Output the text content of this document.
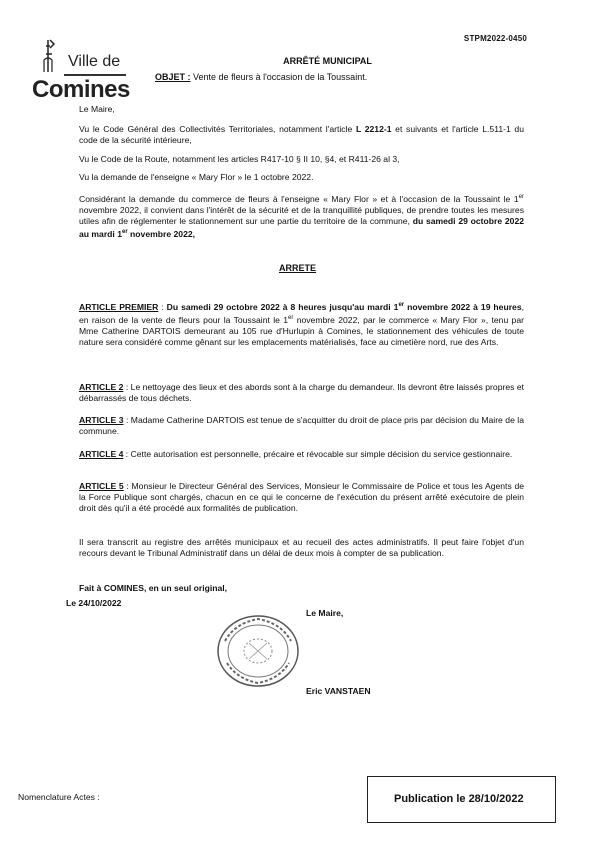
STPM2022-0450
Ville de
Comines
ARRÊTÉ MUNICIPAL
OBJET : Vente de fleurs à l'occasion de la Toussaint.
Le Maire,
Vu le Code Général des Collectivités Territoriales, notamment l'article L 2212-1 et suivants et l'article L.511-1 du code de la sécurité intérieure,
Vu le Code de la Route, notamment les articles R417-10 § II 10, §4, et R411-26 al 3,
Vu la demande de l'enseigne « Mary Flor » le 1 octobre 2022.
Considérant la demande du commerce de fleurs à l'enseigne « Mary Flor » et à l'occasion de la Toussaint le 1er novembre 2022, il convient dans l'intérêt de la sécurité et de la tranquillité publiques, de prendre toutes les mesures utiles afin de réglementer le stationnement sur une partie du territoire de la commune, du samedi 29 octobre 2022 au mardi 1er novembre 2022,
ARRETE
ARTICLE PREMIER : Du samedi 29 octobre 2022 à 8 heures jusqu'au mardi 1er novembre 2022 à 19 heures, en raison de la vente de fleurs pour la Toussaint le 1er novembre 2022, par le commerce « Mary Flor », tenu par Mme Catherine DARTOIS demeurant au 105 rue d'Hurlupin à Comines, le stationnement des véhicules de toute nature sera considéré comme gênant sur les emplacements matérialisés, face au cimetière nord, rue des Arts.
ARTICLE 2 : Le nettoyage des lieux et des abords sont à la charge du demandeur. Ils devront être laissés propres et débarrassés de tous déchets.
ARTICLE 3 : Madame Catherine DARTOIS est tenue de s'acquitter du droit de place pris par décision du Maire de la commune.
ARTICLE 4 : Cette autorisation est personnelle, précaire et révocable sur simple décision du service gestionnaire.
ARTICLE 5 : Monsieur le Directeur Général des Services, Monsieur le Commissaire de Police et tous les Agents de la Force Publique sont chargés, chacun en ce qui le concerne de l'exécution du présent arrêté exécutoire de plein droit dès qu'il a été procédé aux formalités de publication.
Il sera transcrit au registre des arrêtés municipaux et au recueil des actes administratifs. Il peut faire l'objet d'un recours devant le Tribunal Administratif dans un délai de deux mois à compter de sa publication.
Fait à COMINES, en un seul original,
Le 24/10/2022
Le Maire,
Eric VANSTAEN
Nomenclature Actes :	Publication le 28/10/2022
